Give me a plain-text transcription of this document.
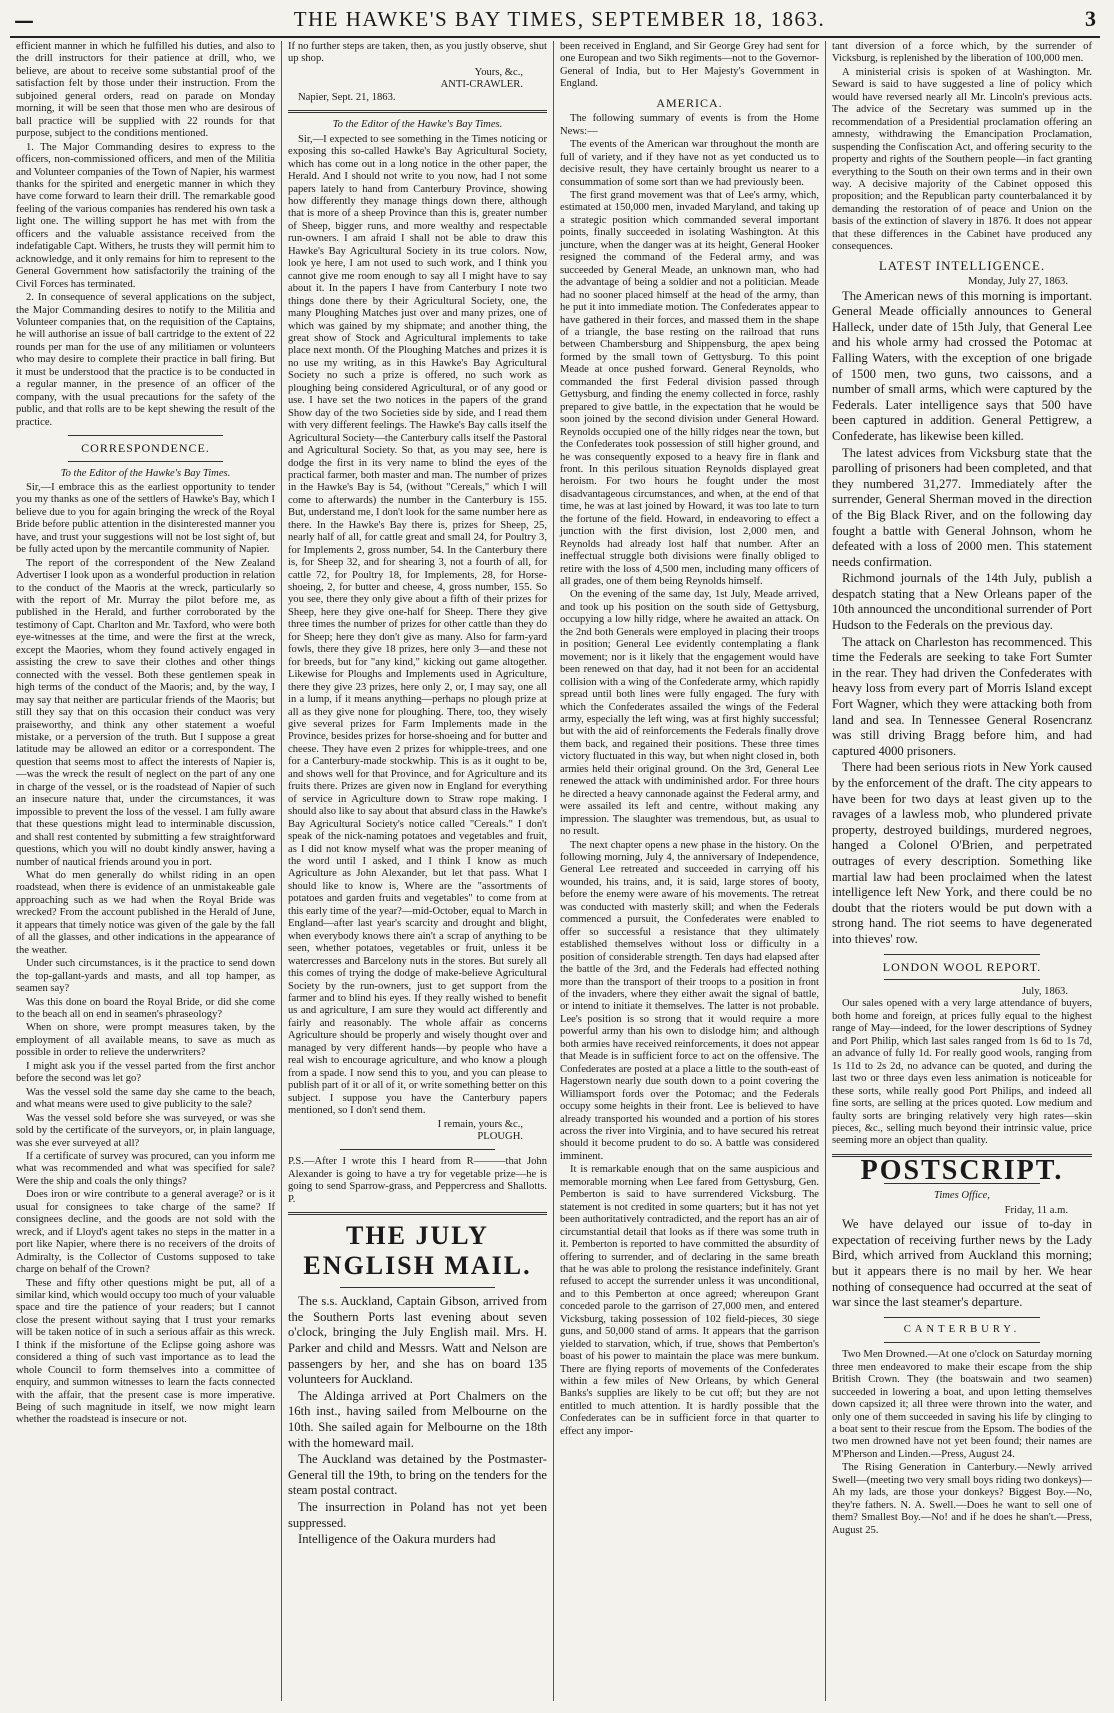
—	THE HAWKE'S BAY TIMES, SEPTEMBER 18, 1863.	3

efficient manner in which he fulfilled his duties, and also to the drill instructors for their patience at drill, who, we believe, are about to receive some substantial proof of the satisfaction felt by those under their instruction. From the subjoined general orders, read on parade on Monday morning, it will be seen that those men who are desirous of ball practice will be supplied with 22 rounds for that purpose, subject to the conditions mentioned.

1. The Major Commanding desires to express to the officers, non-commissioned officers, and men of the Militia and Volunteer companies of the Town of Napier, his warmest thanks for the spirited and energetic manner in which they have come forward to learn their drill. The remarkable good feeling of the various companies has rendered his own task a light one. The willing support he has met with from the officers and the valuable assistance received from the indefatigable Capt. Withers, he trusts they will permit him to acknowledge, and it only remains for him to represent to the General Government how satisfactorily the training of the Civil Forces has terminated.

2. In consequence of several applications on the subject, the Major Commanding desires to notify to the Militia and Volunteer companies that, on the requisition of the Captains, he will authorise an issue of ball cartridge to the extent of 22 rounds per man for the use of any militiamen or volunteers who may desire to complete their practice in ball firing. But it must be understood that the practice is to be conducted in a regular manner, in the presence of an officer of the company, with the usual precautions for the safety of the public, and that rolls are to be kept shewing the result of the practice.

CORRESPONDENCE.
To the Editor of the Hawke's Bay Times.

Sir,—I embrace this as the earliest opportunity to tender you my thanks as one of the settlers of Hawke's Bay, which I believe due to you for again bringing the wreck of the Royal Bride before public attention in the disinterested manner you have, and trust your suggestions will not be lost sight of, but be fully acted upon by the mercantile community of Napier.

The report of the correspondent of the New Zealand Advertiser I look upon as a wonderful production in relation to the conduct of the Maoris at the wreck, particularly so with the report of Mr. Murray the pilot before me, as published in the Herald, and further corroborated by the testimony of Capt. Charlton and Mr. Taxford, who were both eye-witnesses at the time, and were the first at the wreck, except the Maories, whom they found actively engaged in assisting the crew to save their clothes and other things connected with the vessel. Both these gentlemen speak in high terms of the conduct of the Maoris; and, by the way, I may say that neither are particular friends of the Maoris; but still they say that on this occasion their conduct was very praiseworthy, and think any other statement a woeful mistake, or a perversion of the truth. But I suppose a great latitude may be allowed an editor or a correspondent. The question that seems most to affect the interests of Napier is,—was the wreck the result of neglect on the part of any one in charge of the vessel, or is the roadstead of Napier of such an insecure nature that, under the circumstances, it was impossible to prevent the loss of the vessel. I am fully aware that these questions might lead to interminable discussion, and shall rest contented by submitting a few straightforward questions, which you will no doubt kindly answer, having a number of nautical friends around you in port.

What do men generally do whilst riding in an open roadstead, when there is evidence of an unmistakeable gale approaching such as we had when the Royal Bride was wrecked? From the account published in the Herald of June, it appears that timely notice was given of the gale by the fall of all the glasses, and other indications in the appearance of the weather.

Under such circumstances, is it the practice to send down the top-gallant-yards and masts, and all top hamper, as seamen say?

Was this done on board the Royal Bride, or did she come to the beach all on end in seamen's phraseology?

When on shore, were prompt measures taken, by the employment of all available means, to save as much as possible in order to relieve the underwriters?

I might ask you if the vessel parted from the first anchor before the second was let go?

Was the vessel sold the same day she came to the beach, and what means were used to give publicity to the sale?

Was the vessel sold before she was surveyed, or was she sold by the certificate of the surveyors, or, in plain language, was she ever surveyed at all?

If a certificate of survey was procured, can you inform me what was recommended and what was specified for sale? Were the ship and coals the only things?

Does iron or wire contribute to a general average? or is it usual for consignees to take charge of the same? If consignees decline, and the goods are not sold with the wreck, and if Lloyd's agent takes no steps in the matter in a port like Napier, where there is no receivers of the droits of Admiralty, is the Collector of Customs supposed to take charge on behalf of the Crown?

These and fifty other questions might be put, all of a similar kind, which would occupy too much of your valuable space and tire the patience of your readers; but I cannot close the present without saying that I trust your remarks will be taken notice of in such a serious affair as this wreck. I think if the misfortune of the Eclipse going ashore was considered a thing of such vast importance as to lead the whole Council to form themselves into a committee of enquiry, and summon witnesses to learn the facts connected with the affair, that the present case is more imperative. Being of such magnitude in itself, we now might learn whether the roadstead is insecure or not.

If no further steps are taken, then, as you justly observe, shut up shop.

Yours, &c.,
ANTI-CRAWLER.
Napier, Sept. 21, 1863.
To the Editor of the Hawke's Bay Times.

Sir,—I expected to see something in the Times noticing or exposing this so-called Hawke's Bay Agricultural Society, which has come out in a long notice in the other paper, the Herald. And I should not write to you now, had I not some papers lately to hand from Canterbury Province, showing how differently they manage things down there, although that is more of a sheep Province than this is, greater number of Sheep, bigger runs, and more wealthy and respectable run-owners. I am afraid I shall not be able to draw this Hawke's Bay Agricultural Society in its true colors. Now, look ye here, I am not used to such work, and I think you cannot give me room enough to say all I might have to say about it. In the papers I have from Canterbury I note two things done there by their Agricultural Society, one, the many Ploughing Matches just over and many prizes, one of which was gained by my shipmate; and another thing, the great show of Stock and Agricultural implements to take place next month. Of the Ploughing Matches and prizes it is no use my writing, as in this Hawke's Bay Agricultural Society no such a prize is offered, no such work as ploughing being considered Agricultural, or of any good or use. I have set the two notices in the papers of the grand Show day of the two Societies side by side, and I read them with very different feelings. The Hawke's Bay calls itself the Agricultural Society—the Canterbury calls itself the Pastoral and Agricultural Society. So that, as you may see, here is dodge the first in its very name to blind the eyes of the practical farmer, both master and man. The number of prizes in the Hawke's Bay is 54, (without "Cereals," which I will come to afterwards) the number in the Canterbury is 155. But, understand me, I don't look for the same number here as there. In the Hawke's Bay there is, prizes for Sheep, 25, nearly half of all, for cattle great and small 24, for Poultry 3, for Implements 2, gross number, 54. In the Canterbury there is, for Sheep 32, and for shearing 3, not a fourth of all, for cattle 72, for Poultry 18, for Implements, 28, for Horse-shoeing, 2, for butter and cheese, 4, gross number, 155. So you see, there they only give about a fifth of their prizes for Sheep, here they give one-half for Sheep. There they give three times the number of prizes for other cattle than they do for Sheep; here they don't give as many. Also for farm-yard fowls, there they give 18 prizes, here only 3—and these not for breeds, but for "any kind," kicking out game altogether. Likewise for Ploughs and Implements used in Agriculture, there they give 23 prizes, here only 2, or, I may say, one all in a lump, if it means anything—perhaps no plough prize at all as they give none for ploughing. There, too, they wisely give several prizes for Farm Implements made in the Province, besides prizes for horse-shoeing and for butter and cheese. They have even 2 prizes for whipple-trees, and one for a Canterbury-made stockwhip. This is as it ought to be, and shows well for that Province, and for Agriculture and its fruits there. Prizes are given now in England for everything of service in Agriculture down to Straw rope making. I should also like to say about that absurd class in the Hawke's Bay Agricultural Society's notice called "Cereals." I don't speak of the nick-naming potatoes and vegetables and fruit, as I did not know myself what was the proper meaning of the word until I asked, and I think I know as much Agriculture as John Alexander, but let that pass. What I should like to know is, Where are the "assortments of potatoes and garden fruits and vegetables" to come from at this early time of the year?—mid-October, equal to March in England—after last year's scarcity and drought and blight, when everybody knows there ain't a scrap of anything to be seen, whether potatoes, vegetables or fruit, unless it be watercresses and Barcelony nuts in the stores. But surely all this comes of trying the dodge of make-believe Agricultural Society by the run-owners, just to get support from the farmer and to blind his eyes. If they really wished to benefit us and agriculture, I am sure they would act differently and fairly and reasonably. The whole affair as concerns Agriculture should be properly and wisely thought over and managed by very different hands—by people who have a real wish to encourage agriculture, and who know a plough from a spade. I now send this to you, and you can please to publish part of it or all of it, or write something better on this subject. I suppose you have the Canterbury papers mentioned, so I don't send them.

I remain, yours &c.,
PLOUGH.

P.S.—After I wrote this I heard from R———that John Alexander is going to have a try for vegetable prize—he is going to send Sparrow-grass, and Peppercress and Shallotts. P.

THE JULY ENGLISH MAIL.

The s.s. Auckland, Captain Gibson, arrived from the Southern Ports last evening about seven o'clock, bringing the July English mail. Mrs. H. Parker and child and Messrs. Watt and Nelson are passengers by her, and she has on board 135 volunteers for Auckland.

The Aldinga arrived at Port Chalmers on the 16th inst., having sailed from Melbourne on the 10th. She sailed again for Melbourne on the 18th with the homeward mail.

The Auckland was detained by the Postmaster-General till the 19th, to bring on the tenders for the steam postal contract.

The insurrection in Poland has not yet been suppressed.

Intelligence of the Oakura murders had

been received in England, and Sir George Grey had sent for one European and two Sikh regiments—not to the Governor-General of India, but to Her Majesty's Government in England.

AMERICA.

The following summary of events is from the Home News:—

The events of the American war throughout the month are full of variety, and if they have not as yet conducted us to decisive result, they have certainly brought us nearer to a consummation of some sort than we had previously been.

The first grand movement was that of Lee's army, which, estimated at 150,000 men, invaded Maryland, and taking up a strategic position which commanded several important points, finally succeeded in isolating Washington. At this juncture, when the danger was at its height, General Hooker resigned the command of the Federal army, and was succeeded by General Meade, an unknown man, who had the advantage of being a soldier and not a politician. Meade had no sooner placed himself at the head of the army, than he put it into immediate motion. The Confederates appear to have gathered in their forces, and massed them in the shape of a triangle, the base resting on the railroad that runs between Chambersburg and Shippensburg, the apex being formed by the small town of Gettysburg. To this point Meade at once pushed forward. General Reynolds, who commanded the first Federal division passed through Gettysburg, and finding the enemy collected in force, rashly prepared to give battle, in the expectation that he would be soon joined by the second division under General Howard. Reynolds occupied one of the hilly ridges near the town, but the Confederates took possession of still higher ground, and he was consequently exposed to a heavy fire in flank and front. In this perilous situation Reynolds displayed great heroism. For two hours he fought under the most disadvantageous circumstances, and when, at the end of that time, he was at last joined by Howard, it was too late to turn the fortune of the field. Howard, in endeavoring to effect a junction with the first division, lost 2,000 men, and Reynolds had already lost half that number. After an ineffectual struggle both divisions were finally obliged to retire with the loss of 4,500 men, including many officers of all grades, one of them being Reynolds himself.

On the evening of the same day, 1st July, Meade arrived, and took up his position on the south side of Gettysburg, occupying a low hilly ridge, where he awaited an attack. On the 2nd both Generals were employed in placing their troops in position; General Lee evidently contemplating a flank movement; nor is it likely that the engagement would have been renewed on that day, had it not been for an accidental collision with a wing of the Confederate army, which rapidly spread until both lines were fully engaged. The fury with which the Confederates assailed the wings of the Federal army, especially the left wing, was at first highly successful; but with the aid of reinforcements the Federals finally drove them back, and regained their positions. These three times victory fluctuated in this way, but when night closed in, both armies held their original ground. On the 3rd, General Lee renewed the attack with undiminished ardor. For three hours he directed a heavy cannonade against the Federal army, and were assailed its left and centre, without making any impression. The slaughter was tremendous, but, as usual to no result.

The next chapter opens a new phase in the history. On the following morning, July 4, the anniversary of Independence, General Lee retreated and succeeded in carrying off his wounded, his trains, and, it is said, large stores of booty, before the enemy were aware of his movements. The retreat was conducted with masterly skill; and when the Federals commenced a pursuit, the Confederates were enabled to offer so successful a resistance that they ultimately established themselves without loss or difficulty in a position of considerable strength. Ten days had elapsed after the battle of the 3rd, and the Federals had effected nothing more than the transport of their troops to a position in front of the invaders, where they either await the signal of battle, or intend to initiate it themselves. The latter is not probable. Lee's position is so strong that it would require a more powerful army than his own to dislodge him; and although both armies have received reinforcements, it does not appear that Meade is in sufficient force to act on the offensive. The Confederates are posted at a place a little to the south-east of Hagerstown nearly due south down to a point covering the Williamsport fords over the Potomac; and the Federals occupy some heights in their front. Lee is believed to have already transported his wounded and a portion of his stores across the river into Virginia, and to have secured his retreat should it become prudent to do so. A battle was considered imminent.

It is remarkable enough that on the same auspicious and memorable morning when Lee fared from Gettysburg, Gen. Pemberton is said to have surrendered Vicksburg. The statement is not credited in some quarters; but it has not yet been authoritatively contradicted, and the report has an air of circumstantial detail that looks as if there was some truth in it. Pemberton is reported to have committed the absurdity of offering to surrender, and of declaring in the same breath that he was able to prolong the resistance indefinitely. Grant refused to accept the surrender unless it was unconditional, and to this Pemberton at once agreed; whereupon Grant conceded parole to the garrison of 27,000 men, and entered Vicksburg, taking possession of 102 field-pieces, 30 siege guns, and 50,000 stand of arms. It appears that the garrison yielded to starvation, which, if true, shows that Pemberton's boast of his power to maintain the place was mere bunkum. There are flying reports of movements of the Confederates within a few miles of New Orleans, by which General Banks's supplies are likely to be cut off; but they are not entitled to much attention. It is hardly possible that the Confederates can be in sufficient force in that quarter to effect any impor-

tant diversion of a force which, by the surrender of Vicksburg, is replenished by the liberation of 100,000 men.

A ministerial crisis is spoken of at Washington. Mr. Seward is said to have suggested a line of policy which would have reversed nearly all Mr. Lincoln's previous acts. The advice of the Secretary was summed up in the recommendation of a Presidential proclamation offering an amnesty, withdrawing the Emancipation Proclamation, suspending the Confiscation Act, and offering security to the property and rights of the Southern people—in fact granting everything to the South on their own terms and in their own way. A decisive majority of the Cabinet opposed this proposition; and the Republican party counterbalanced it by demanding the restoration of of peace and Union on the basis of the extinction of slavery in 1876. It does not appear that these differences in the Cabinet have produced any consequences.

LATEST INTELLIGENCE.
Monday, July 27, 1863.

The American news of this morning is important. General Meade officially announces to General Halleck, under date of 15th July, that General Lee and his whole army had crossed the Potomac at Falling Waters, with the exception of one brigade of 1500 men, two guns, two caissons, and a number of small arms, which were captured by the Federals. Later intelligence says that 500 have been captured in addition. General Pettigrew, a Confederate, has likewise been killed.

The latest advices from Vicksburg state that the parolling of prisoners had been completed, and that they numbered 31,277. Immediately after the surrender, General Sherman moved in the direction of the Big Black River, and on the following day fought a battle with General Johnson, whom he defeated with a loss of 2000 men. This statement needs confirmation.

Richmond journals of the 14th July, publish a despatch stating that a New Orleans paper of the 10th announced the unconditional surrender of Port Hudson to the Federals on the previous day.

The attack on Charleston has recommenced. This time the Federals are seeking to take Fort Sumter in the rear. They had driven the Confederates with heavy loss from every part of Morris Island except Fort Wagner, which they were attacking both from land and sea. In Tennessee General Rosencranz was still driving Bragg before him, and had captured 4000 prisoners.

There had been serious riots in New York caused by the enforcement of the draft. The city appears to have been for two days at least given up to the ravages of a lawless mob, who plundered private property, destroyed buildings, murdered negroes, hanged a Colonel O'Brien, and perpetrated outrages of every description. Something like martial law had been proclaimed when the latest intelligence left New York, and there could be no doubt that the rioters would be put down with a strong hand. The riot seems to have degenerated into thieves' row.

LONDON WOOL REPORT.
July, 1863.

Our sales opened with a very large attendance of buyers, both home and foreign, at prices fully equal to the highest range of May—indeed, for the lower descriptions of Sydney and Port Philip, which last sales ranged from 1s 6d to 1s 7d, an advance of fully 1d. For really good wools, ranging from 1s 11d to 2s 2d, no advance can be quoted, and during the last two or three days even less animation is noticeable for these sorts, while really good Port Philips, and indeed all fine sorts, are selling at the prices quoted. Low medium and faulty sorts are bringing relatively very high rates—skin pieces, &c., selling much beyond their intrinsic value, price seeming more an object than quality.

POSTSCRIPT.
Times Office,
Friday, 11 a.m.

We have delayed our issue of to-day in expectation of receiving further news by the Lady Bird, which arrived from Auckland this morning; but it appears there is no mail by her. We hear nothing of consequence had occurred at the seat of war since the last steamer's departure.

CANTERBURY.

Two Men Drowned.—At one o'clock on Saturday morning three men endeavored to make their escape from the ship British Crown. They (the boatswain and two seamen) succeeded in lowering a boat, and upon letting themselves down capsized it; all three were thrown into the water, and only one of them succeeded in saving his life by clinging to a boat sent to their rescue from the Epsom. The bodies of the two men drowned have not yet been found; their names are M'Pherson and Linden.—Press, August 24.

The Rising Generation in Canterbury.—Newly arrived Swell—(meeting two very small boys riding two donkeys)—Ah my lads, are those your donkeys? Biggest Boy.—No, they're fathers. N. A. Swell.—Does he want to sell one of them? Smallest Boy.—No! and if he does he shan't.—Press, August 25.
